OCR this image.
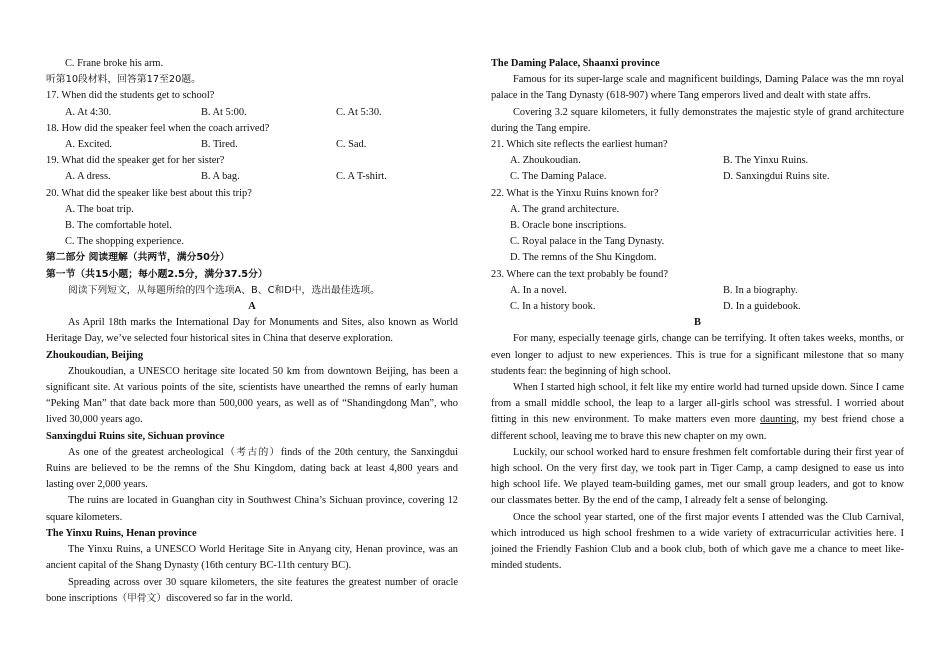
C. Frane broke his arm.

听第10段材料，回答第17至20题。

17. When did the students get to school?

A. At 4:30.	B. At 5:00.	C. At 5:30.

18. How did the speaker feel when the coach arrived?

A. Excited.	B. Tired.	C. Sad.

19. What did the speaker get for her sister?

A. A dress.	B. A bag.	C. A T-shirt.

20. What did the speaker like best about this trip?

A. The boat trip.

B. The comfortable hotel.

C. The shopping experience.

第二部分 阅读理解（共两节，满分50分）

第一节（共15小题；每小题2.5分，满分37.5分）

阅读下列短文，从每题所给的四个选项A、B、C和D中，选出最佳选项。

A

As April 18th marks the International Day for Monuments and Sites, also known as World Heritage Day, we’ve selected four historical sites in China that deserve exploration.

Zhoukoudian, Beijing

Zhoukoudian, a UNESCO heritage site located 50 km from downtown Beijing, has been a significant site. At various points of the site, scientists have unearthed the remns of early human “Peking Man” that date back more than 500,000 years, as well as of “Shandingdong Man”, who lived 30,000 years ago.

Sanxingdui Ruins site, Sichuan province

As one of the greatest archeological（考古的）finds of the 20th century, the Sanxingdui Ruins are believed to be the remns of the Shu Kingdom, dating back at least 4,800 years and lasting over 2,000 years.

The ruins are located in Guanghan city in Southwest China’s Sichuan province, covering 12 square kilometers.

The Yinxu Ruins, Henan province

The Yinxu Ruins, a UNESCO World Heritage Site in Anyang city, Henan province, was an ancient capital of the Shang Dynasty (16th century BC-11th century BC).

Spreading across over 30 square kilometers, the site features the greatest number of oracle bone inscriptions（甲骨文）discovered so far in the world.

The Daming Palace, Shaanxi province

Famous for its super-large scale and magnificent buildings, Daming Palace was the mn royal palace in the Tang Dynasty (618-907) where Tang emperors lived and dealt with state affrs.

Covering 3.2 square kilometers, it fully demonstrates the majestic style of grand architecture during the Tang empire.

21. Which site reflects the earliest human?

A. Zhoukoudian.	B. The Yinxu Ruins.
C. The Daming Palace.	D. Sanxingdui Ruins site.

22. What is the Yinxu Ruins known for?

A. The grand architecture.

B. Oracle bone inscriptions.

C. Royal palace in the Tang Dynasty.

D. The remns of the Shu Kingdom.

23. Where can the text probably be found?

A. In a novel.	B. In a biography.
C. In a history book.	D. In a guidebook.

B

For many, especially teenage girls, change can be terrifying. It often takes weeks, months, or even longer to adjust to new experiences. This is true for a significant milestone that so many students fear: the beginning of high school.

When I started high school, it felt like my entire world had turned upside down. Since I came from a small middle school, the leap to a larger all-girls school was stressful. I worried about fitting in this new environment. To make matters even more daunting, my best friend chose a different school, leaving me to brave this new chapter on my own.

Luckily, our school worked hard to ensure freshmen felt comfortable during their first year of high school. On the very first day, we took part in Tiger Camp, a camp designed to ease us into high school life. We played team-building games, met our small group leaders, and got to know our classmates better. By the end of the camp, I already felt a sense of belonging.

Once the school year started, one of the first major events I attended was the Club Carnival, which introduced us high school freshmen to a wide variety of extracurricular activities here. I joined the Friendly Fashion Club and a book club, both of which gave me a chance to meet like-minded students.
